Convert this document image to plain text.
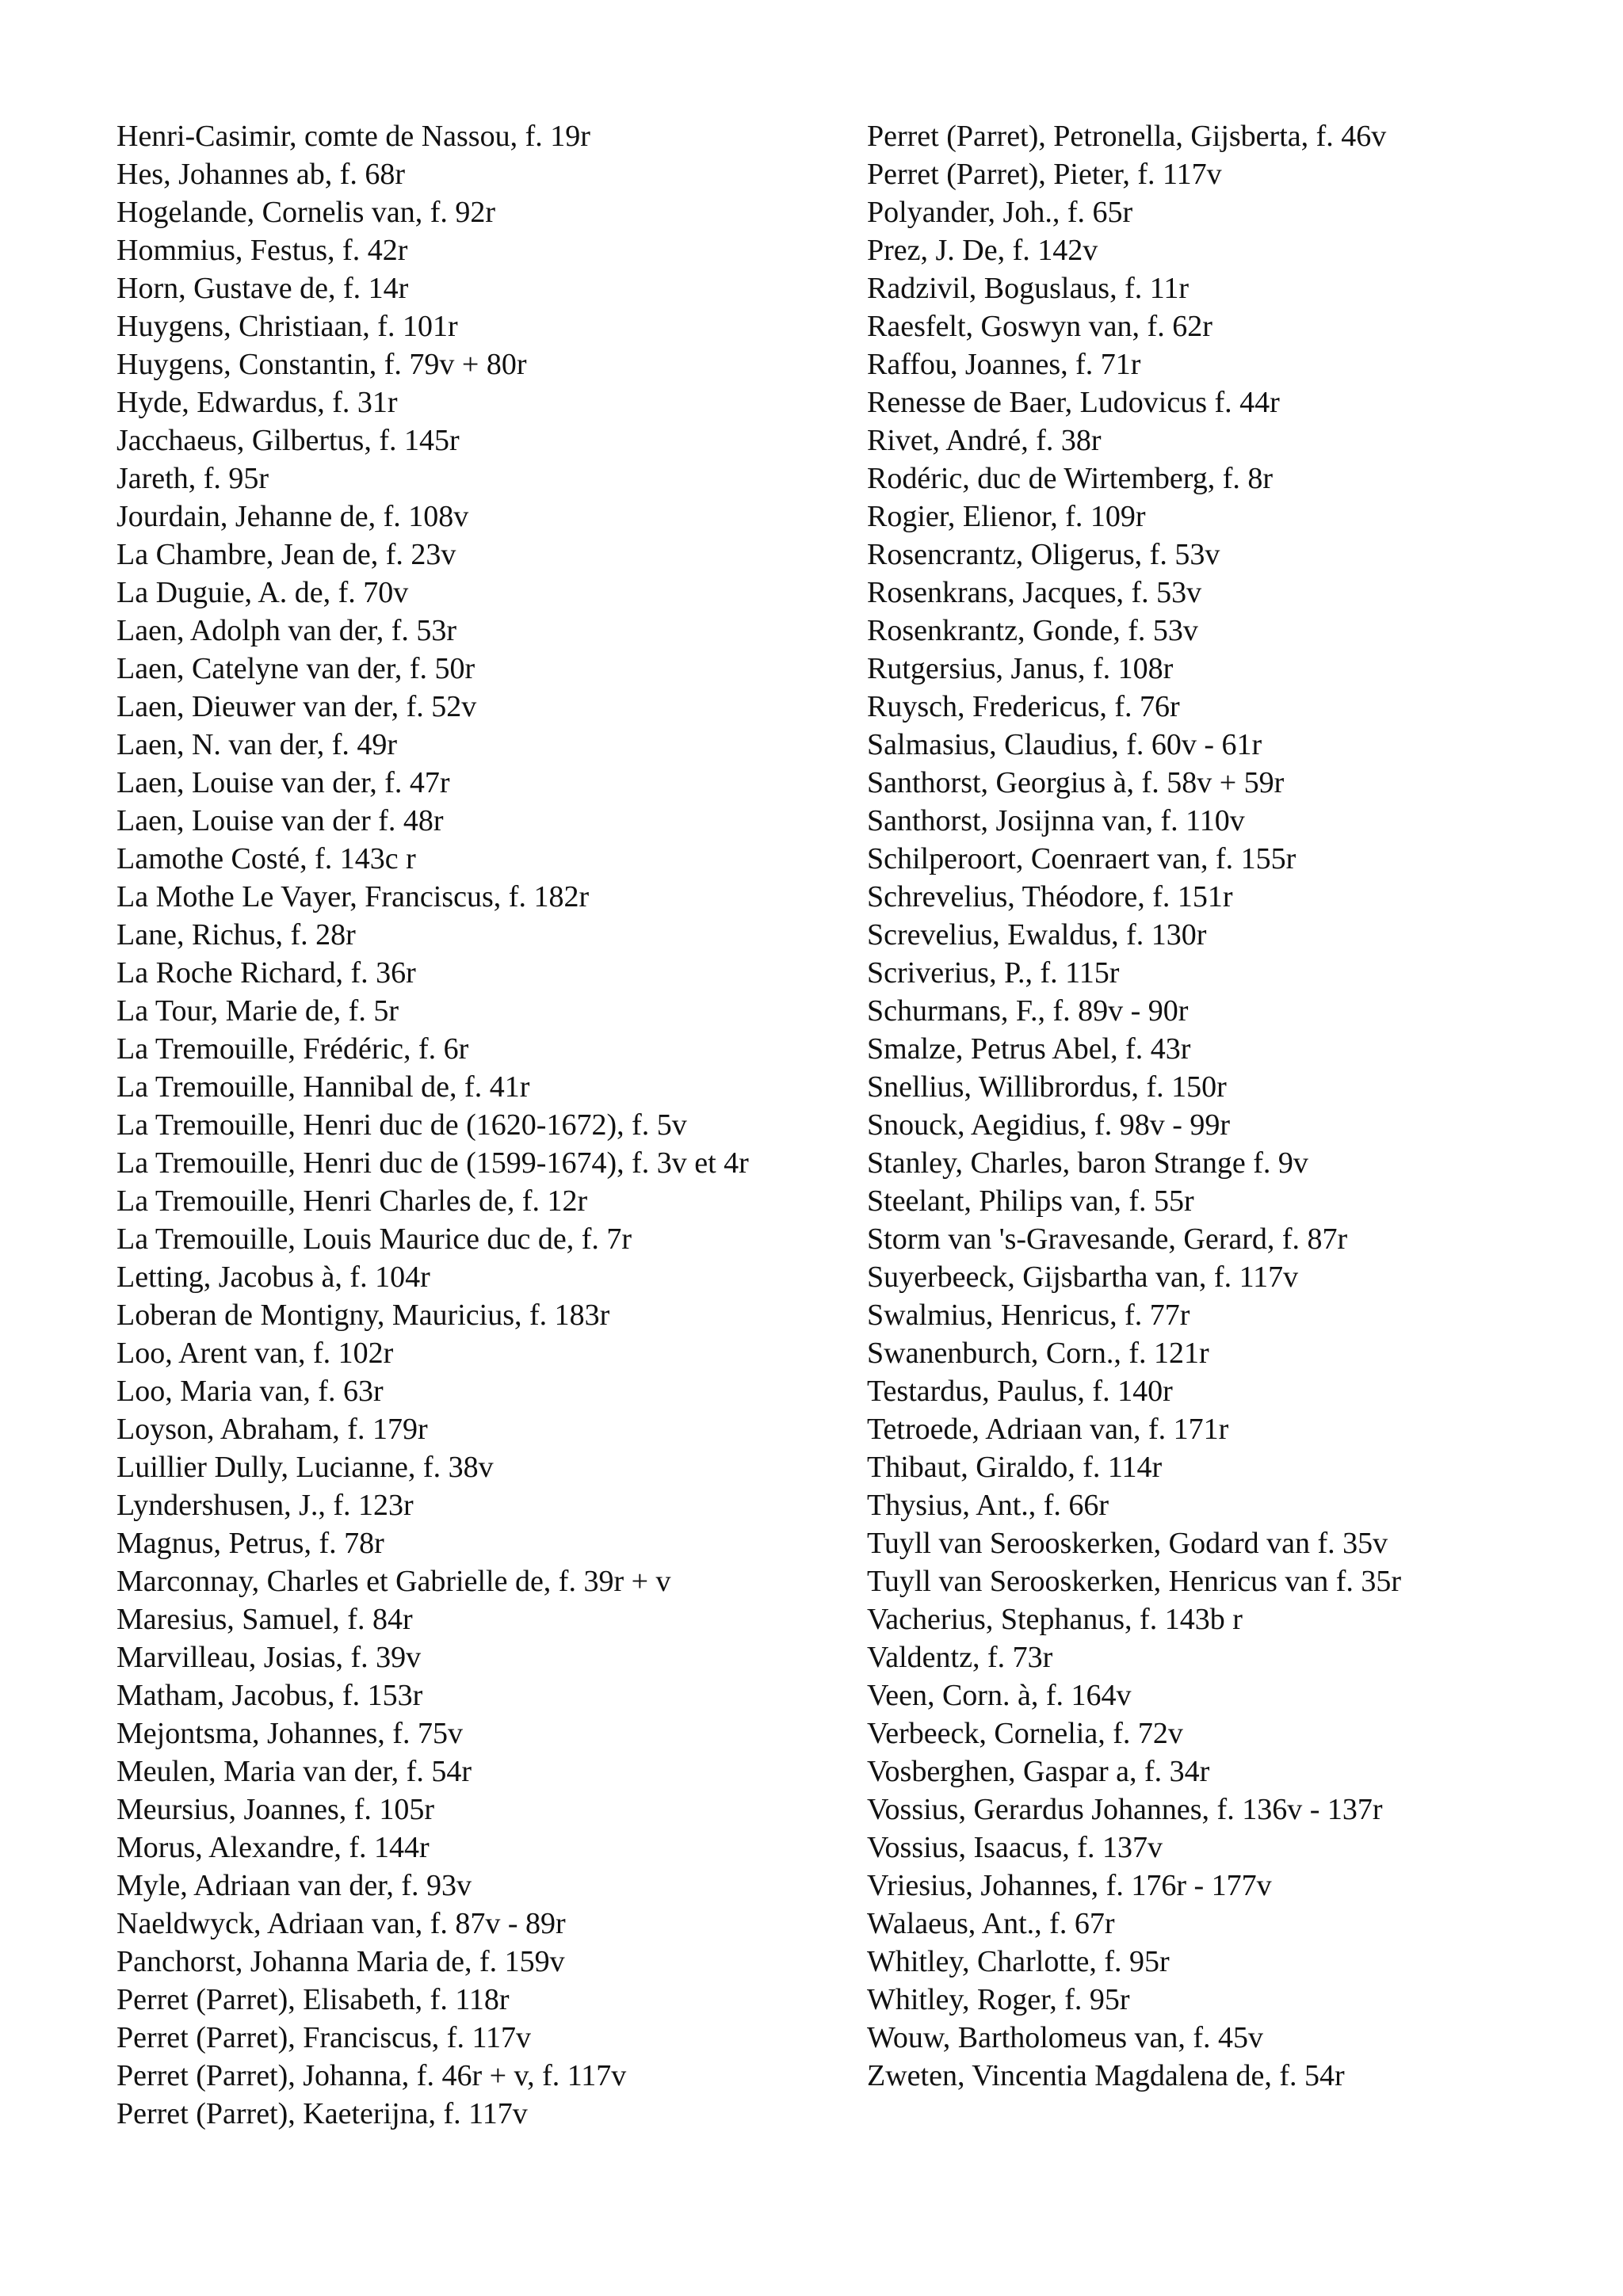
Henri-Casimir, comte de Nassou, f. 19r
Hes, Johannes ab, f. 68r
Hogelande, Cornelis van, f. 92r
Hommius, Festus, f. 42r
Horn, Gustave de, f. 14r
Huygens, Christiaan, f. 101r
Huygens, Constantin, f. 79v + 80r
Hyde, Edwardus, f. 31r
Jacchaeus, Gilbertus, f. 145r
Jareth, f. 95r
Jourdain, Jehanne de, f. 108v
La Chambre, Jean de, f. 23v
La Duguie, A. de, f. 70v
Laen, Adolph van der, f. 53r
Laen, Catelyne van der, f. 50r
Laen, Dieuwer van der, f. 52v
Laen, N. van der, f. 49r
Laen, Louise van der, f. 47r
Laen, Louise van der f. 48r
Lamothe Costé, f. 143c r
La Mothe Le Vayer, Franciscus, f. 182r
Lane, Richus, f. 28r
La Roche Richard, f. 36r
La Tour, Marie de, f. 5r
La Tremouille, Frédéric, f. 6r
La Tremouille, Hannibal de, f. 41r
La Tremouille, Henri duc de (1620-1672), f. 5v
La Tremouille, Henri duc de (1599-1674), f. 3v et 4r
La Tremouille, Henri Charles de, f. 12r
La Tremouille, Louis Maurice duc de, f. 7r
Letting, Jacobus à, f. 104r
Loberan de Montigny, Mauricius, f. 183r
Loo, Arent van, f. 102r
Loo, Maria van, f. 63r
Loyson, Abraham, f. 179r
Luillier Dully, Lucianne, f. 38v
Lyndershusen, J., f. 123r
Magnus, Petrus, f. 78r
Marconnay, Charles et Gabrielle de, f. 39r + v
Maresius, Samuel, f. 84r
Marvilleau, Josias, f. 39v
Matham, Jacobus, f. 153r
Mejontsma, Johannes, f. 75v
Meulen, Maria van der, f. 54r
Meursius, Joannes, f. 105r
Morus, Alexandre, f. 144r
Myle, Adriaan van der, f. 93v
Naeldwyck, Adriaan van, f. 87v - 89r
Panchorst, Johanna Maria de, f. 159v
Perret (Parret), Elisabeth, f. 118r
Perret (Parret), Franciscus, f. 117v
Perret (Parret), Johanna, f. 46r + v, f. 117v
Perret (Parret), Kaeterijna, f. 117v
Perret (Parret), Petronella, Gijsberta, f. 46v
Perret (Parret), Pieter, f. 117v
Polyander, Joh., f. 65r
Prez, J. De, f. 142v
Radzivil, Boguslaus, f. 11r
Raesfelt, Goswyn van, f. 62r
Raffou, Joannes, f. 71r
Renesse de Baer, Ludovicus f. 44r
Rivet, André, f. 38r
Rodéric, duc de Wirtemberg, f. 8r
Rogier, Elienor, f. 109r
Rosencrantz, Oligerus, f. 53v
Rosenkrans, Jacques, f. 53v
Rosenkrantz, Gonde, f. 53v
Rutgersius, Janus, f. 108r
Ruysch, Fredericus, f. 76r
Salmasius, Claudius, f. 60v - 61r
Santhorst, Georgius à, f. 58v + 59r
Santhorst, Josijnna van, f. 110v
Schilperoort, Coenraert van, f. 155r
Schrevelius, Théodore, f. 151r
Screvelius, Ewaldus, f. 130r
Scriverius, P., f. 115r
Schurmans, F., f. 89v - 90r
Smalze, Petrus Abel, f. 43r
Snellius, Willibrordus, f. 150r
Snouck, Aegidius, f. 98v - 99r
Stanley, Charles, baron Strange f. 9v
Steelant, Philips van, f. 55r
Storm van 's-Gravesande, Gerard, f. 87r
Suyerbeeck, Gijsbartha van, f. 117v
Swalmius, Henricus, f. 77r
Swanenburch, Corn., f. 121r
Testardus, Paulus, f. 140r
Tetroede, Adriaan van, f. 171r
Thibaut, Giraldo, f. 114r
Thysius, Ant., f. 66r
Tuyll van Serooskerken, Godard van f. 35v
Tuyll van Serooskerken, Henricus van f. 35r
Vacherius, Stephanus, f. 143b r
Valdentz, f. 73r
Veen, Corn. à, f. 164v
Verbeeck, Cornelia, f. 72v
Vosberghen, Gaspar a, f. 34r
Vossius, Gerardus Johannes, f. 136v - 137r
Vossius, Isaacus, f. 137v
Vriesius, Johannes, f. 176r - 177v
Walaeus, Ant., f. 67r
Whitley, Charlotte, f. 95r
Whitley, Roger, f. 95r
Wouw, Bartholomeus van, f. 45v
Zweten, Vincentia Magdalena de, f. 54r
